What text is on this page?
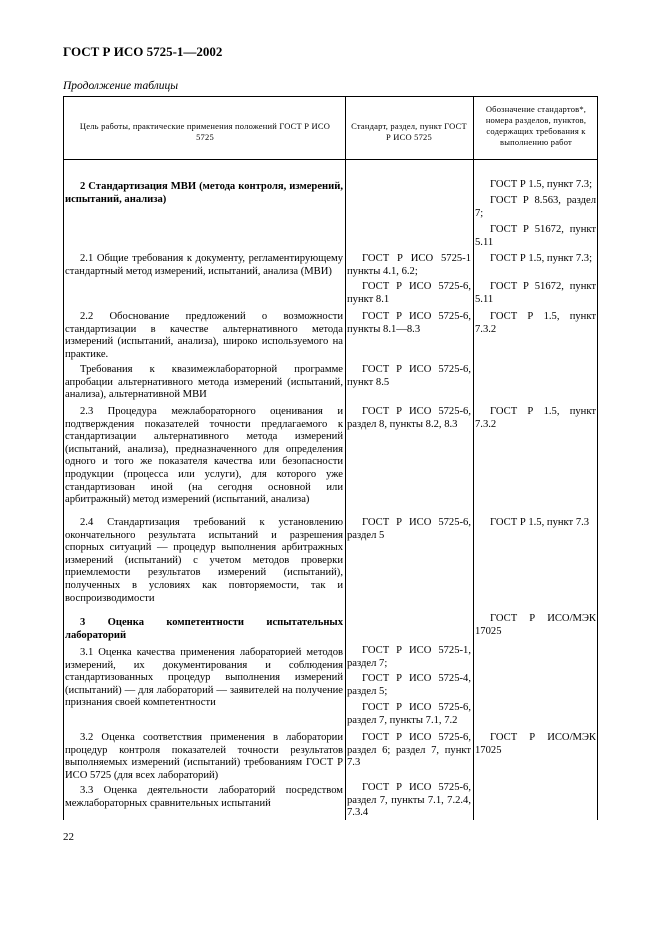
ГОСТ Р ИСО 5725-1—2002
Продолжение таблицы
Цель работы, практические применения положений ГОСТ Р ИСО 5725
Стандарт, раздел, пункт ГОСТ Р ИСО 5725
Обозначение стандартов*, номера разделов, пунктов, содержащих требования к выполнению работ
2 Стандартизация МВИ (метода контроля, измерений, испытаний, анализа)
ГОСТ Р 1.5, пункт 7.3;
ГОСТ Р 8.563, раздел 7;
ГОСТ Р 51672, пункт 5.11
2.1 Общие требования к документу, регламентирующему стандартный метод измерений, испытаний, анализа (МВИ)
ГОСТ Р ИСО 5725-1 пункты 4.1, 6.2;
ГОСТ Р ИСО 5725-6, пункт 8.1
ГОСТ Р 1.5, пункт 7.3;
ГОСТ Р 51672, пункт 5.11
2.2 Обоснование предложений о возможности стандартизации в качестве альтернативного метода измерений (испытаний, анализа), широко используемого на практике.
ГОСТ Р ИСО 5725-6, пункты 8.1—8.3
ГОСТ Р 1.5, пункт 7.3.2
Требования к квазимежлабораторной программе апробации альтернативного метода измерений (испытаний, анализа), альтернативной МВИ
ГОСТ Р ИСО 5725-6, пункт 8.5
2.3 Процедура межлабораторного оценивания и подтверждения показателей точности предлагаемого к стандартизации альтернативного метода измерений (испытаний, анализа), предназначенного для определения одного и того же показателя качества или безопасности продукции (процесса или услуги), для которого уже стандартизован иной (на сегодня основной или арбитражный) метод измерений (испытаний, анализа)
ГОСТ Р ИСО 5725-6, раздел 8, пункты 8.2, 8.3
ГОСТ Р 1.5, пункт 7.3.2
2.4 Стандартизация требований к установлению окончательного результата испытаний и разрешения спорных ситуаций — процедур выполнения арбитражных измерений (испытаний) с учетом методов проверки приемлемости результатов измерений (испытаний), полученных в условиях как повторяемости, так и воспроизводимости
ГОСТ Р ИСО 5725-6, раздел 5
ГОСТ Р 1.5, пункт 7.3
3 Оценка компетентности испытательных лабораторий
ГОСТ Р ИСО/МЭК 17025
3.1 Оценка качества применения лабораторией методов измерений, их документирования и соблюдения стандартизованных процедур выполнения измерений (испытаний) — для лабораторий — заявителей на получение признания своей компетентности
ГОСТ Р ИСО 5725-1, раздел 7;
ГОСТ Р ИСО 5725-4, раздел 5;
ГОСТ Р ИСО 5725-6, раздел 7, пункты 7.1, 7.2
3.2 Оценка соответствия применения в лаборатории процедур контроля показателей точности результатов выполняемых измерений (испытаний) требованиям ГОСТ Р ИСО 5725 (для всех лабораторий)
ГОСТ Р ИСО 5725-6, раздел 6; раздел 7, пункт 7.3
ГОСТ Р ИСО/МЭК 17025
3.3 Оценка деятельности лабораторий посредством межлабораторных сравнительных испытаний
ГОСТ Р ИСО 5725-6, раздел 7, пункты 7.1, 7.2.4, 7.3.4
22
